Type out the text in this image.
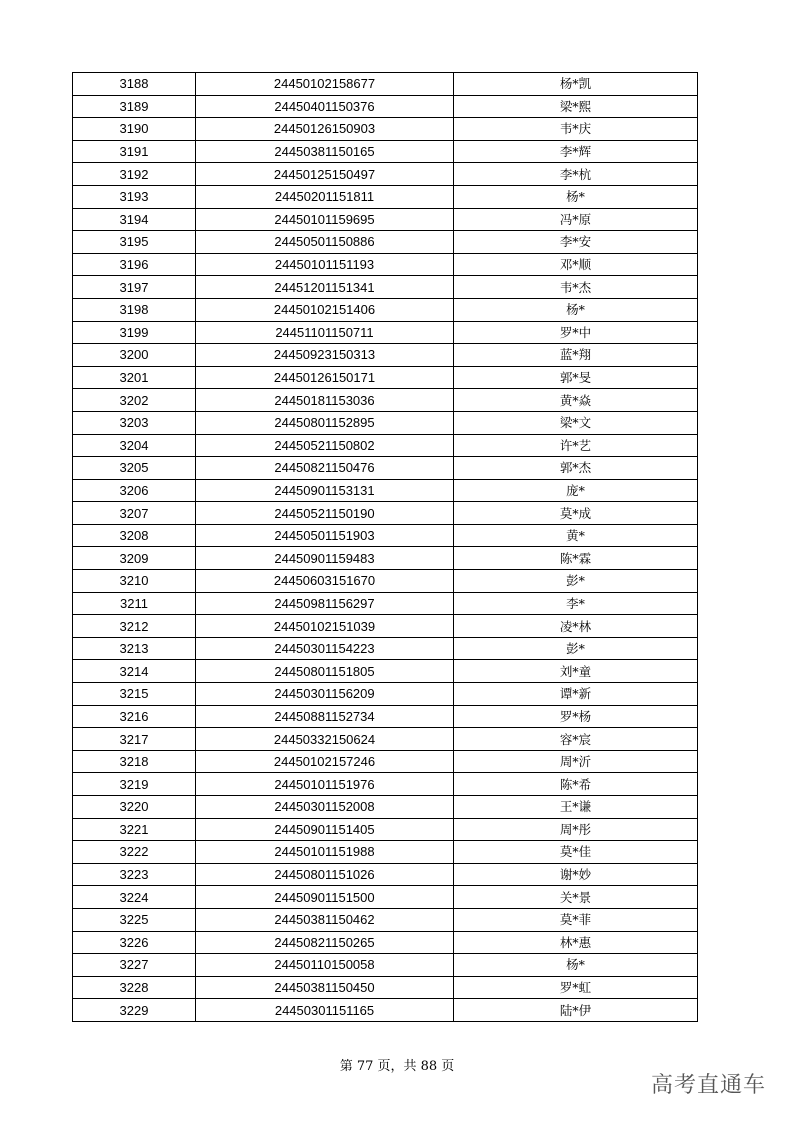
3188	24450102158677	杨*凯
3189	24450401150376	梁*熙
3190	24450126150903	韦*庆
3191	24450381150165	李*辉
3192	24450125150497	李*杭
3193	24450201151811	杨*
3194	24450101159695	冯*原
3195	24450501150886	李*安
3196	24450101151193	邓*顺
3197	24451201151341	韦*杰
3198	24450102151406	杨*
3199	24451101150711	罗*中
3200	24450923150313	蓝*翔
3201	24450126150171	郭*旻
3202	24450181153036	黄*焱
3203	24450801152895	梁*文
3204	24450521150802	许*艺
3205	24450821150476	郭*杰
3206	24450901153131	庞*
3207	24450521150190	莫*成
3208	24450501151903	黄*
3209	24450901159483	陈*霖
3210	24450603151670	彭*
3211	24450981156297	李*
3212	24450102151039	凌*林
3213	24450301154223	彭*
3214	24450801151805	刘*童
3215	24450301156209	谭*新
3216	24450881152734	罗*杨
3217	24450332150624	容*宸
3218	24450102157246	周*沂
3219	24450101151976	陈*希
3220	24450301152008	王*谦
3221	24450901151405	周*彤
3222	24450101151988	莫*佳
3223	24450801151026	谢*妙
3224	24450901151500	关*景
3225	24450381150462	莫*菲
3226	24450821150265	林*惠
3227	24450110150058	杨*
3228	24450381150450	罗*虹
3229	24450301151165	陆*伊
第 77 页，共 88 页
高考直通车
